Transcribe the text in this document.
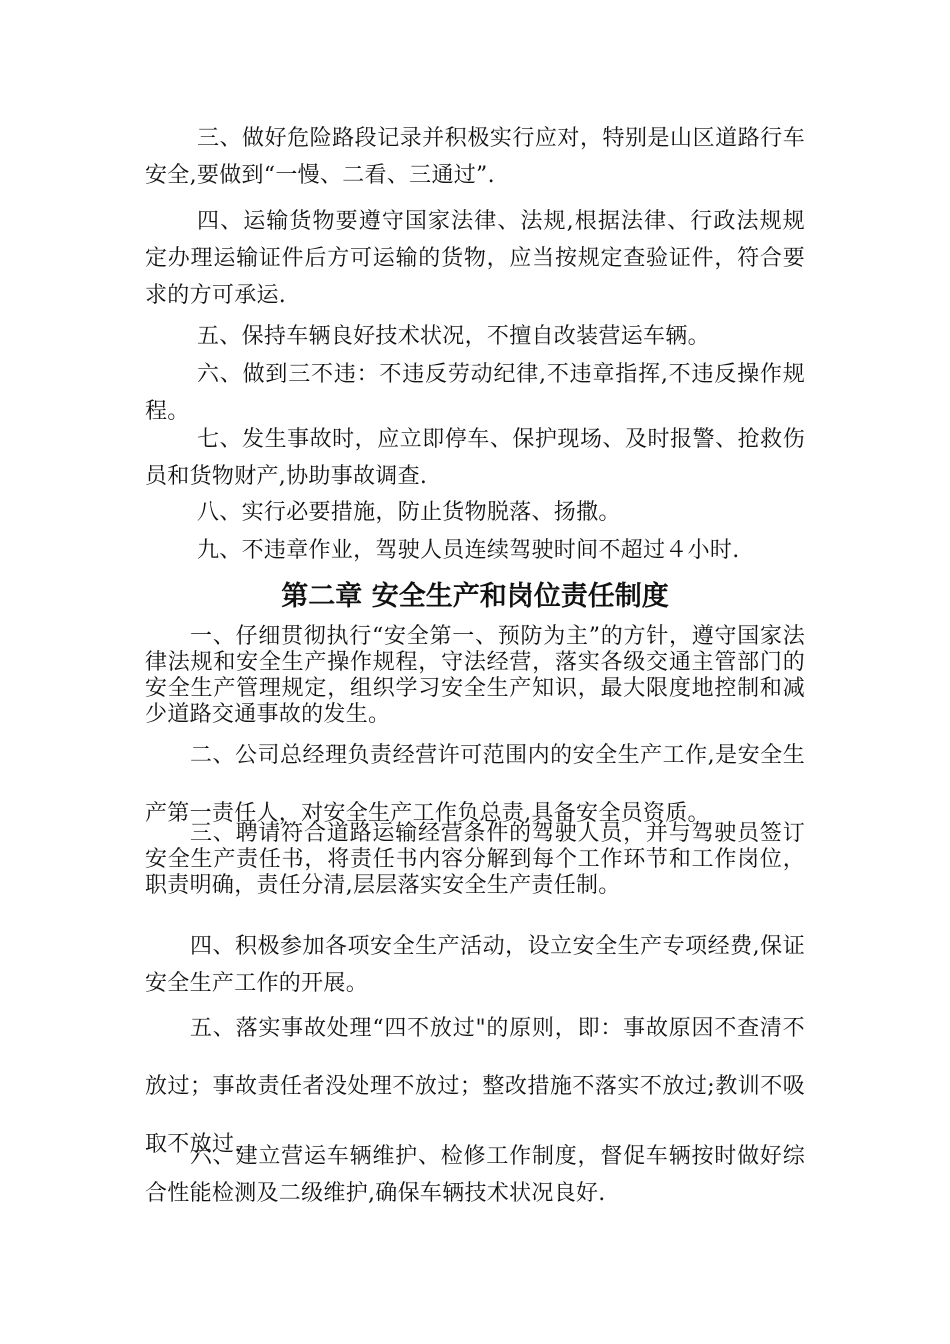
三、做好危险路段记录并积极实行应对，特别是山区道路行车安全,要做到“一慢、二看、三通过”.

四、运输货物要遵守国家法律、法规,根据法律、行政法规规定办理运输证件后方可运输的货物，应当按规定查验证件，符合要求的方可承运.

五、保持车辆良好技术状况，不擅自改装营运车辆。

六、做到三不违：不违反劳动纪律,不违章指挥,不违反操作规程。

七、发生事故时，应立即停车、保护现场、及时报警、抢救伤员和货物财产,协助事故调查.

八、实行必要措施，防止货物脱落、扬撒。

九、不违章作业，驾驶人员连续驾驶时间不超过４小时.

第二章 安全生产和岗位责任制度

一、仔细贯彻执行“安全第一、预防为主”的方针，遵守国家法律法规和安全生产操作规程，守法经营，落实各级交通主管部门的安全生产管理规定，组织学习安全生产知识，最大限度地控制和减少道路交通事故的发生。

二、公司总经理负责经营许可范围内的安全生产工作,是安全生产第一责任人，对安全生产工作负总责,具备安全员资质。

三、聘请符合道路运输经营条件的驾驶人员，并与驾驶员签订安全生产责任书，将责任书内容分解到每个工作环节和工作岗位，职责明确，责任分清,层层落实安全生产责任制。

四、积极参加各项安全生产活动，设立安全生产专项经费,保证安全生产工作的开展。

五、落实事故处理“四不放过"的原则，即：事故原因不查清不放过；事故责任者没处理不放过；整改措施不落实不放过;教训不吸取不放过.

六、建立营运车辆维护、检修工作制度，督促车辆按时做好综合性能检测及二级维护,确保车辆技术状况良好.
